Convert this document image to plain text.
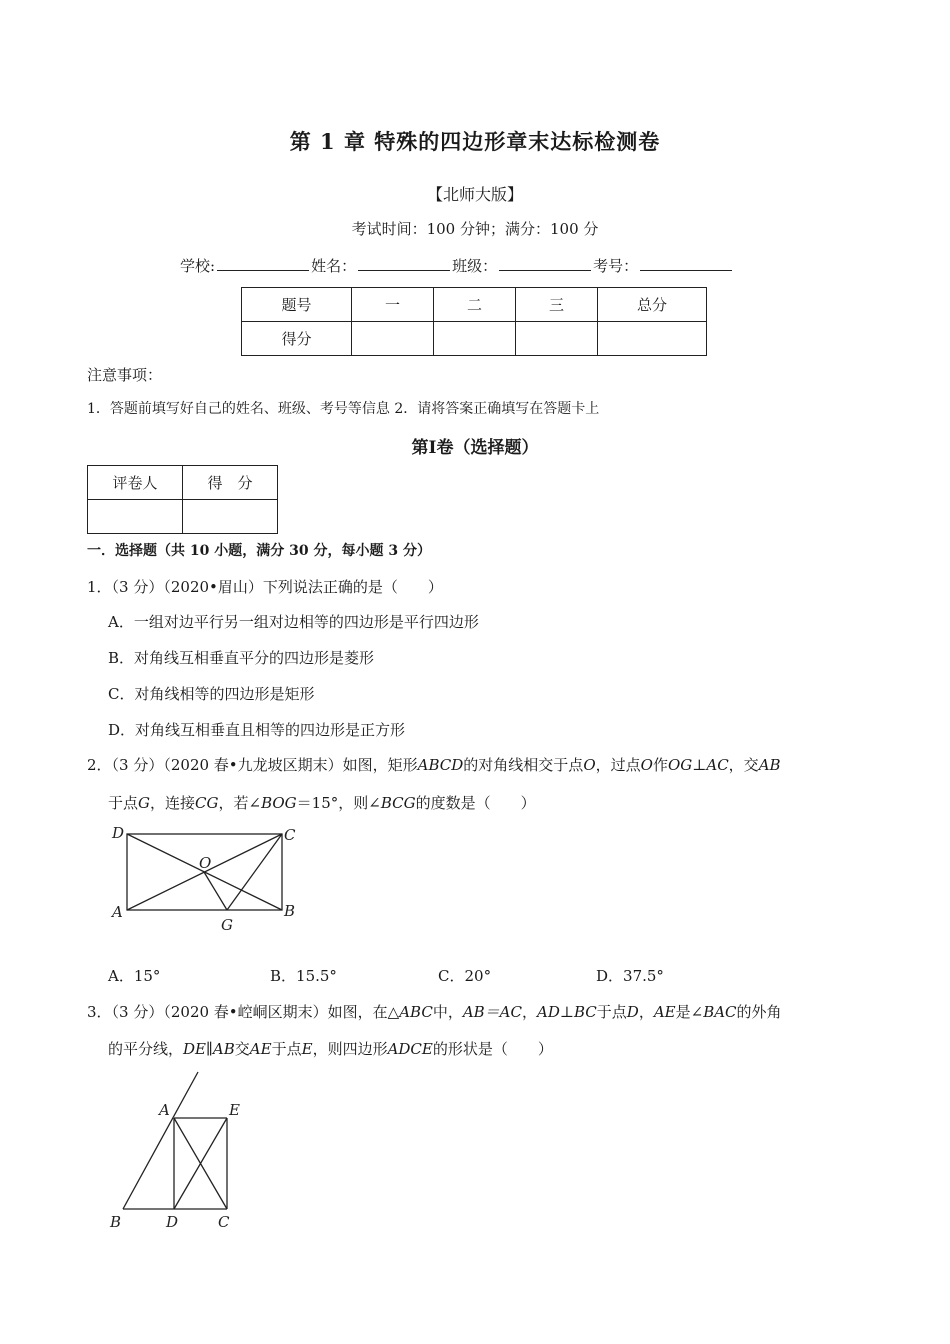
第 1 章 特殊的四边形章末达标检测卷
【北师大版】
考试时间：100 分钟；满分：100 分
学校:	姓名：	班级：	考号：
题号	一	二	三	总分
得分				
注意事项：
1．答题前填写好自己的姓名、班级、考号等信息 2．请将答案正确填写在答题卡上
第Ⅰ卷（选择题）
评卷人	得　分

一．选择题（共 10 小题，满分 30 分，每小题 3 分）
1．（3 分）（2020•眉山）下列说法正确的是（　　）
A．一组对边平行另一组对边相等的四边形是平行四边形
B．对角线互相垂直平分的四边形是菱形
C．对角线相等的四边形是矩形
D．对角线互相垂直且相等的四边形是正方形
2．（3 分）（2020 春•九龙坡区期末）如图，矩形ABCD的对角线相交于点O，过点O作OG⊥AC，交AB
于点G，连接CG，若∠BOG＝15°，则∠BCG的度数是（　　）
D	C
O
A	B
G
A．15°	B．15.5°	C．20°	D．37.5°
3．（3 分）（2020 春•崆峒区期末）如图，在△ABC中，AB＝AC，AD⊥BC于点D，AE是∠BAC的外角
的平分线，DE∥AB交AE于点E，则四边形ADCE的形状是（　　）
A	E
B	D	C
